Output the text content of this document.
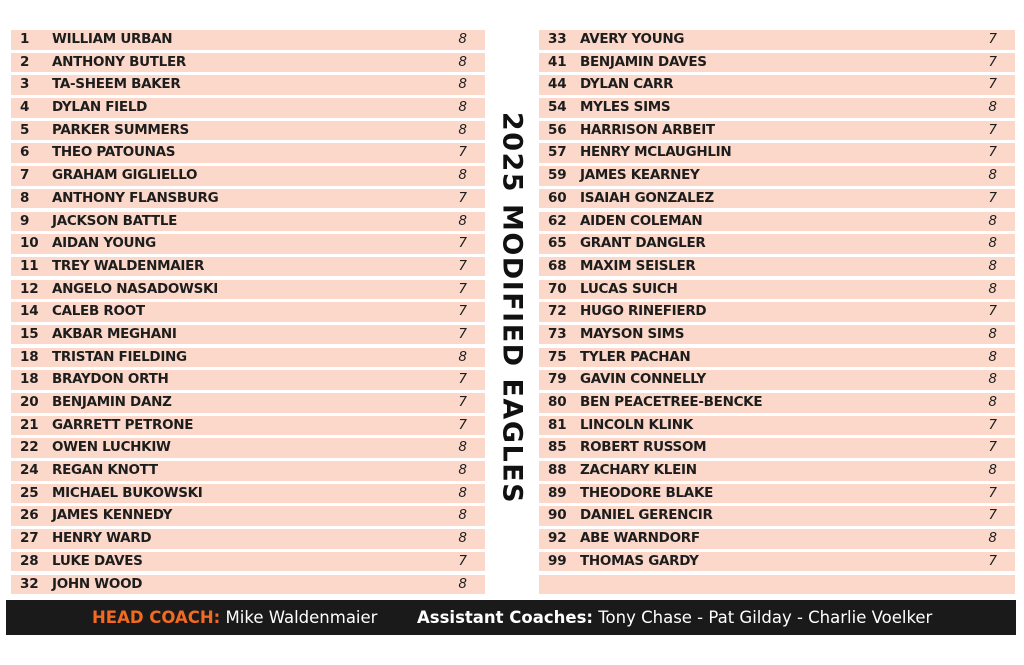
1 WILLIAM URBAN	8
2 ANTHONY BUTLER	8
3 TA-SHEEM BAKER	8
4 DYLAN FIELD	8
5 PARKER SUMMERS	8
6 THEO PATOUNAS	7
7 GRAHAM GIGLIELLO	8
8 ANTHONY FLANSBURG	7
9 JACKSON BATTLE	8
10 AIDAN YOUNG	7
11 TREY WALDENMAIER	7
12 ANGELO NASADOWSKI	7
14 CALEB ROOT	7
15 AKBAR MEGHANI	7
18 TRISTAN FIELDING	8
18 BRAYDON ORTH	7
20 BENJAMIN DANZ	7
21 GARRETT PETRONE	7
22 OWEN LUCHKIW	8
24 REGAN KNOTT	8
25 MICHAEL BUKOWSKI	8
26 JAMES KENNEDY	8
27 HENRY WARD	8
28 LUKE DAVES	7
32 JOHN WOOD	8
33 AVERY YOUNG	7
41 BENJAMIN DAVES	7
44 DYLAN CARR	7
54 MYLES SIMS	8
56 HARRISON ARBEIT	7
57 HENRY MCLAUGHLIN	7
59 JAMES KEARNEY	8
60 ISAIAH GONZALEZ	7
62 AIDEN COLEMAN	8
65 GRANT DANGLER	8
68 MAXIM SEISLER	8
70 LUCAS SUICH	8
72 HUGO RINEFIERD	7
73 MAYSON SIMS	8
75 TYLER PACHAN	8
79 GAVIN CONNELLY	8
80 BEN PEACETREE-BENCKE	8
81 LINCOLN KLINK	7
85 ROBERT RUSSOM	7
88 ZACHARY KLEIN	8
89 THEODORE BLAKE	7
90 DANIEL GERENCIR	7
92 ABE WARNDORF	8
99 THOMAS GARDY	7
2025 MODIFIED EAGLES
HEAD COACH: Mike Waldenmaier Assistant Coaches: Tony Chase - Pat Gilday - Charlie Voelker
